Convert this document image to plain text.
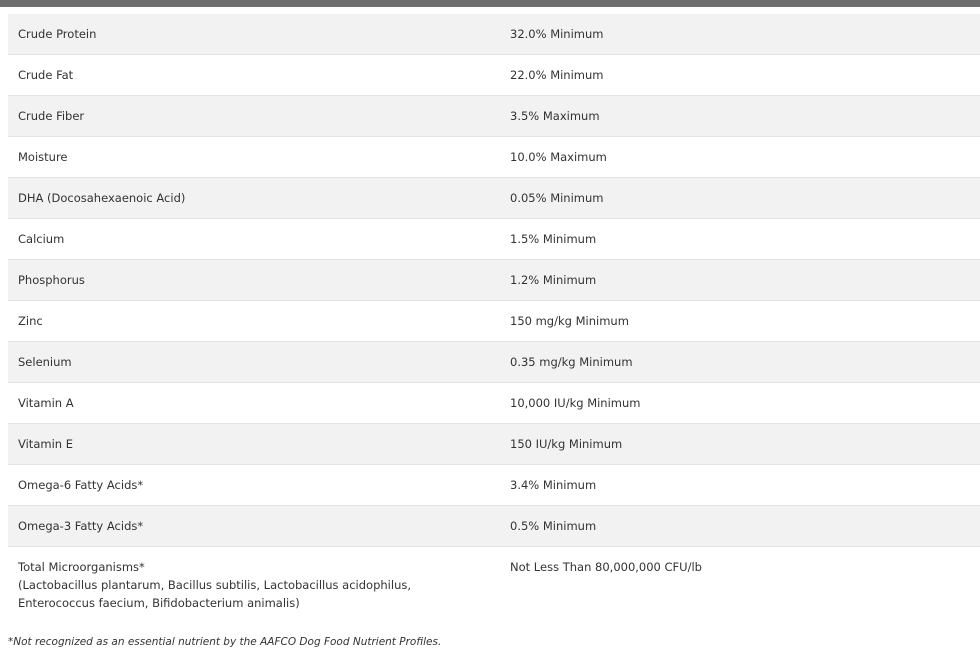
Crude Protein	32.0% Minimum
Crude Fat	22.0% Minimum
Crude Fiber	3.5% Maximum
Moisture	10.0% Maximum
DHA (Docosahexaenoic Acid)	0.05% Minimum
Calcium	1.5% Minimum
Phosphorus	1.2% Minimum
Zinc	150 mg/kg Minimum
Selenium	0.35 mg/kg Minimum
Vitamin A	10,000 IU/kg Minimum
Vitamin E	150 IU/kg Minimum
Omega-6 Fatty Acids*	3.4% Minimum
Omega-3 Fatty Acids*	0.5% Minimum
Total Microorganisms*
(Lactobacillus plantarum, Bacillus subtilis, Lactobacillus acidophilus, Enterococcus faecium, Bifidobacterium animalis)	Not Less Than 80,000,000 CFU/lb
*Not recognized as an essential nutrient by the AAFCO Dog Food Nutrient Profiles.
